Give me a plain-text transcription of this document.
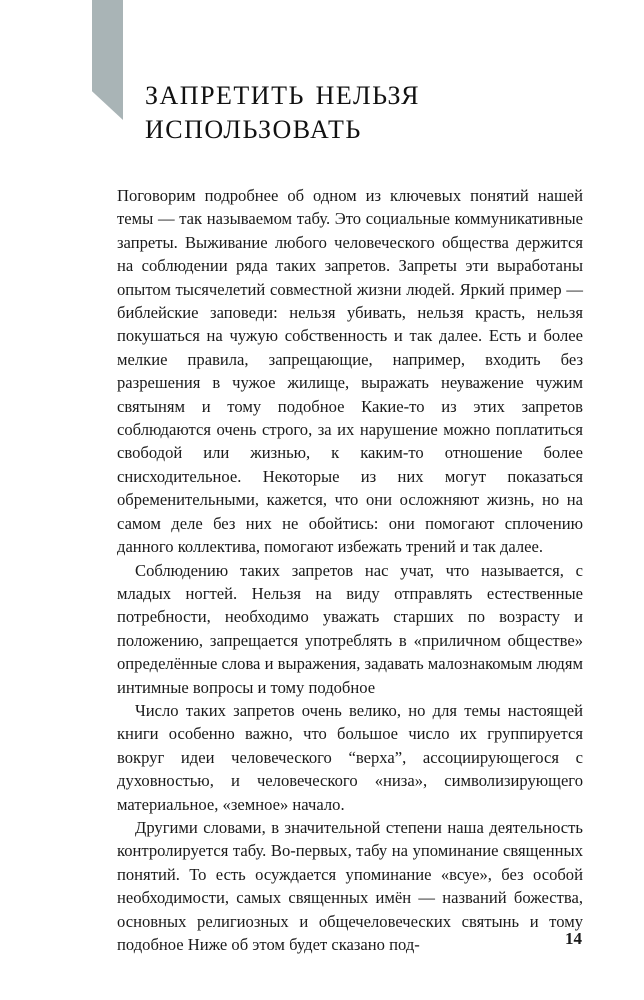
запретить нельзя
использовать

Поговорим подробнее об одном из ключевых понятий нашей темы — так называемом табу. Это социальные коммуникативные запреты. Выживание любого человеческого общества держится на соблюдении ряда таких запретов. Запреты эти выработаны опытом тысячелетий совместной жизни людей. Яркий пример — библейские заповеди: нельзя убивать, нельзя красть, нельзя покушаться на чужую собственность и так далее. Есть и более мелкие правила, запрещающие, например, входить без разрешения в чужое жилище, выражать неуважение чужим святыням и тому подобное Какие-то из этих запретов соблюдаются очень строго, за их нарушение можно поплатиться свободой или жизнью, к каким-то отношение более снисходительное. Некоторые из них могут показаться обременительными, кажется, что они осложняют жизнь, но на самом деле без них не обойтись: они помогают сплочению данного коллектива, помогают избежать трений и так далее.

Соблюдению таких запретов нас учат, что называется, с младых ногтей. Нельзя на виду отправлять естественные потребности, необходимо уважать старших по возрасту и положению, запрещается употреблять в «приличном обществе» определённые слова и выражения, задавать малознакомым людям интимные вопросы и тому подобное

Число таких запретов очень велико, но для темы настоящей книги особенно важно, что большое число их группируется вокруг идеи человеческого “верха”, ассоциирующегося с духовностью, и человеческого «низа», символизирующего материальное, «земное» начало.

Другими словами, в значительной степени наша деятельность контролируется табу. Во-первых, табу на упоминание священных понятий. То есть осуждается упоминание «всуе», без особой необходимости, самых священных имён — названий божества, основных религиозных и общечеловеческих святынь и тому подобное Ниже об этом будет сказано под-	14
